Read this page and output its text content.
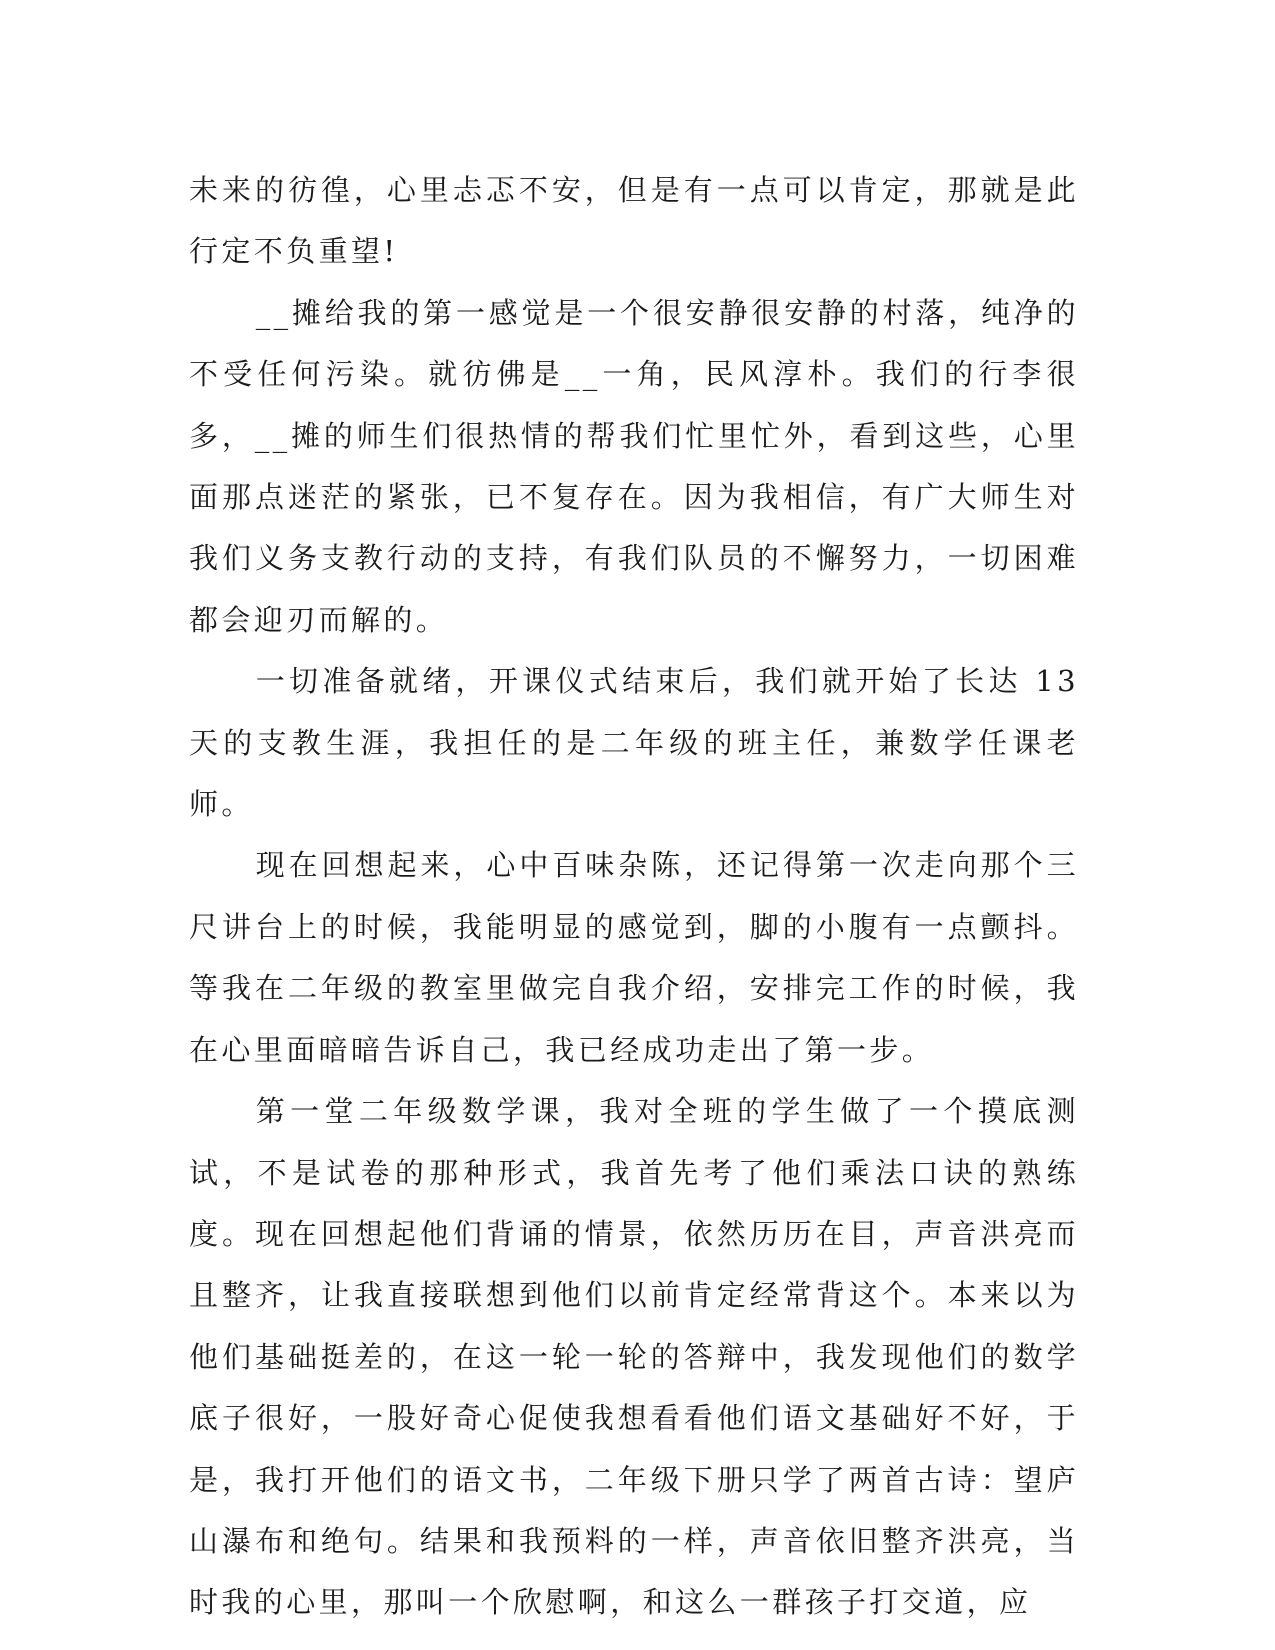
未来的彷徨，心里忐忑不安，但是有一点可以肯定，那就是此行定不负重望!

__摊给我的第一感觉是一个很安静很安静的村落，纯净的不受任何污染。就彷佛是__一角，民风淳朴。我们的行李很多，__摊的师生们很热情的帮我们忙里忙外，看到这些，心里面那点迷茫的紧张，已不复存在。因为我相信，有广大师生对我们义务支教行动的支持，有我们队员的不懈努力，一切困难都会迎刃而解的。

一切准备就绪，开课仪式结束后，我们就开始了长达 13 天的支教生涯，我担任的是二年级的班主任，兼数学任课老师。

现在回想起来，心中百味杂陈，还记得第一次走向那个三尺讲台上的时候，我能明显的感觉到，脚的小腹有一点颤抖。等我在二年级的教室里做完自我介绍，安排完工作的时候，我在心里面暗暗告诉自己，我已经成功走出了第一步。

第一堂二年级数学课，我对全班的学生做了一个摸底测试，不是试卷的那种形式，我首先考了他们乘法口诀的熟练度。现在回想起他们背诵的情景，依然历历在目，声音洪亮而且整齐，让我直接联想到他们以前肯定经常背这个。本来以为他们基础挺差的，在这一轮一轮的答辩中，我发现他们的数学底子很好，一股好奇心促使我想看看他们语文基础好不好，于是，我打开他们的语文书，二年级下册只学了两首古诗：望庐山瀑布和绝句。结果和我预料的一样，声音依旧整齐洪亮，当时我的心里，那叫一个欣慰啊，和这么一群孩子打交道，应
